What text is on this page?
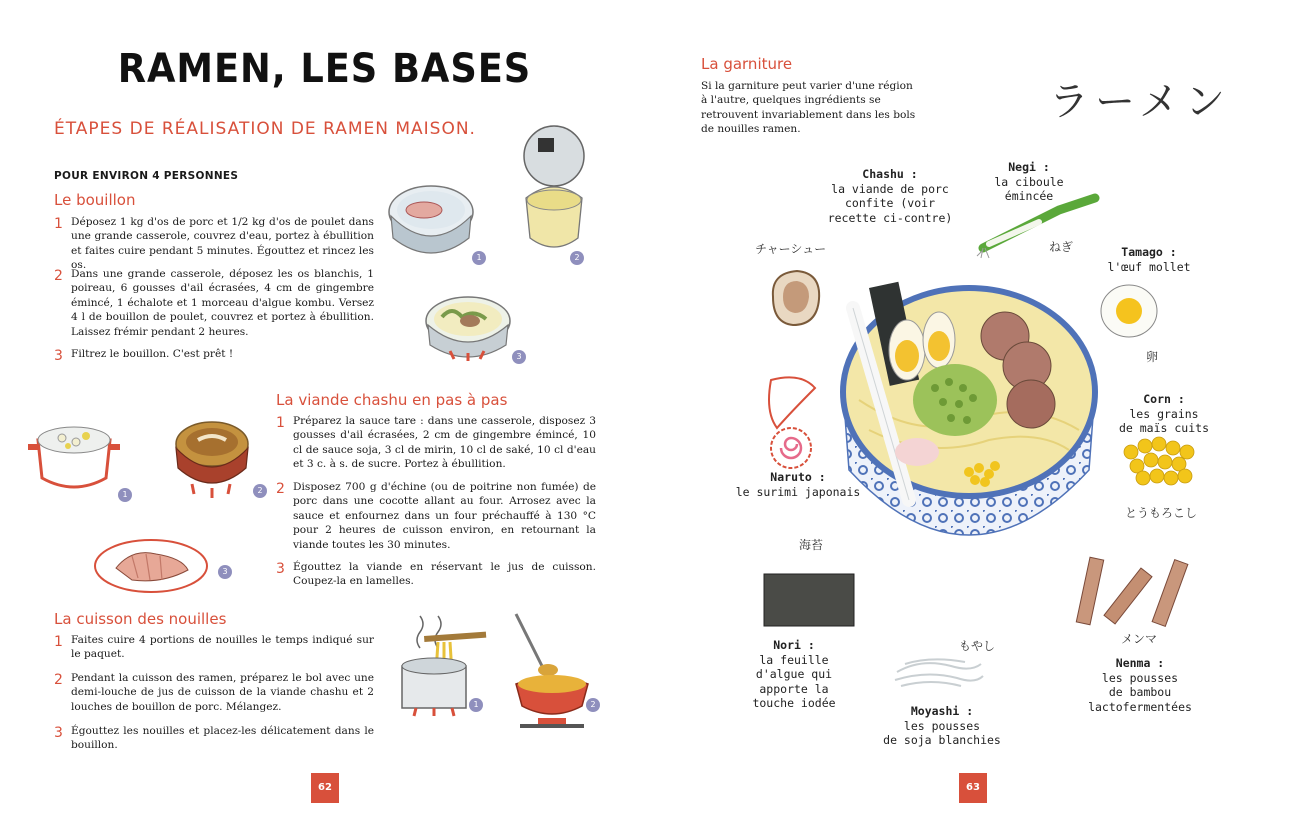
RAMEN, LES BASES
ÉTAPES DE RÉALISATION DE RAMEN MAISON.
POUR ENVIRON 4 PERSONNES
Le bouillon
1 Déposez 1 kg d'os de porc et 1/2 kg d'os de poulet dans une grande casserole, couvrez d'eau, portez à ébullition et faites cuire pendant 5 minutes. Égouttez et rincez les os.
2 Dans une grande casserole, déposez les os blanchis, 1 poireau, 6 gousses d'ail écrasées, 4 cm de gingembre émincé, 1 échalote et 1 morceau d'algue kombu. Versez 4 l de bouillon de poulet, couvrez et portez à ébullition. Laissez frémir pendant 2 heures.
3 Filtrez le bouillon. C'est prêt !
1	2
3
La viande chashu en pas à pas
1 Préparez la sauce tare : dans une casserole, disposez 3 gousses d'ail écrasées, 2 cm de gingembre émincé, 10 cl de sauce soja, 3 cl de mirin, 10 cl de saké, 10 cl d'eau et 3 c. à s. de sucre. Portez à ébullition.
2 Disposez 700 g d'échine (ou de poitrine non fumée) de porc dans une cocotte allant au four. Arrosez avec la sauce et enfournez dans un four préchauffé à 130 °C pour 2 heures de cuisson environ, en retournant la viande toutes les 30 minutes.
3 Égouttez la viande en réservant le jus de cuisson. Coupez-la en lamelles.
1	2
3
La cuisson des nouilles
1 Faites cuire 4 portions de nouilles le temps indiqué sur le paquet.
2 Pendant la cuisson des ramen, préparez le bol avec une demi-louche de jus de cuisson de la viande chashu et 2 louches de bouillon de porc. Mélangez.
3 Égouttez les nouilles et placez-les délicatement dans le bouillon.
1	2
62
La garniture
Si la garniture peut varier d'une région à l'autre, quelques ingrédients se retrouvent invariablement dans les bols de nouilles ramen.
ラーメン
Chashu :
la viande de porc
confite (voir
recette ci-contre)
チャーシュー
Negi :
la ciboule
émincée
ねぎ	Tamago :
l'œuf mollet
卵
Corn :
les grains
de maïs cuits
とうもろこし
Naruto :
le surimi japonais
海苔
Nori :
la feuille
d'algue qui
apporte la
touche iodée
もやし
Moyashi :
les pousses
de soja blanchies
メンマ
Nenma :
les pousses
de bambou
lactofermentées
63
